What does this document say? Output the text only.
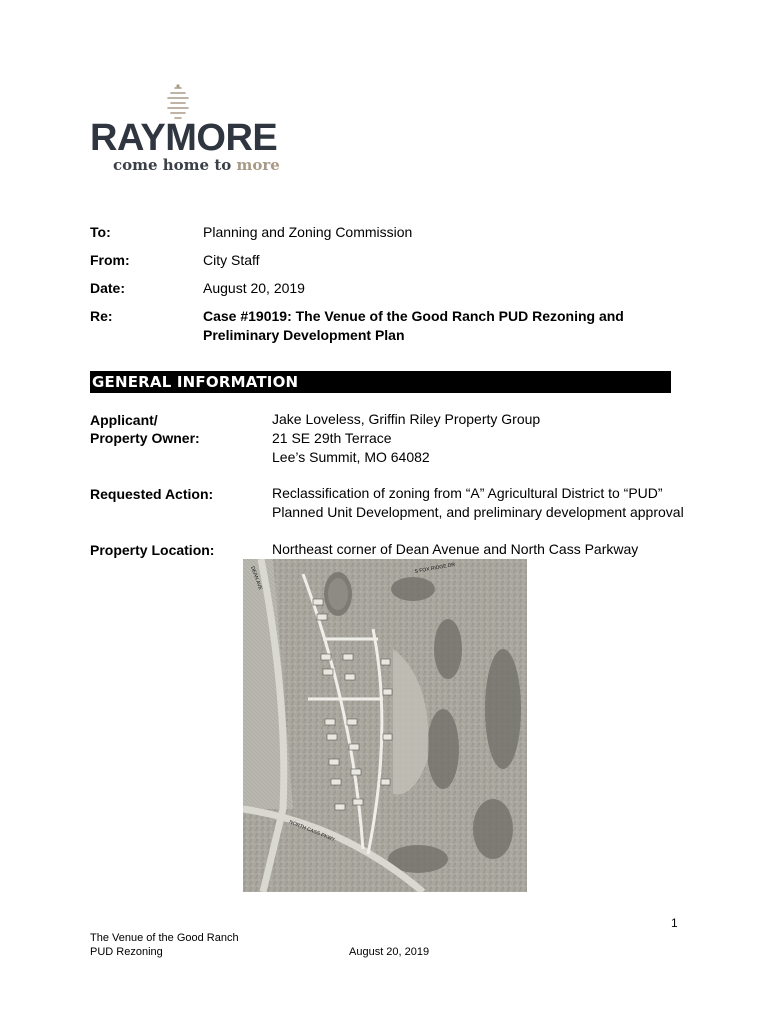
RAYMORE
come home to more
To:	Planning and Zoning Commission
From:	City Staff
Date:	August 20, 2019
Re:	Case #19019: The Venue of the Good Ranch PUD Rezoning and
Preliminary Development Plan
GENERAL INFORMATION
Applicant/
Property Owner:
Jake Loveless, Griffin Riley Property Group
21 SE 29th Terrace
Lee’s Summit, MO 64082
Requested Action:	Reclassification of zoning from “A” Agricultural District to “PUD”
Planned Unit Development, and preliminary development approval
Property Location:	Northeast corner of Dean Avenue and North Cass Parkway
S FOX RIDGE DR
DEAN AVE
NORTH CASS PKWY
1
The Venue of the Good Ranch
PUD Rezoning	August 20, 2019
